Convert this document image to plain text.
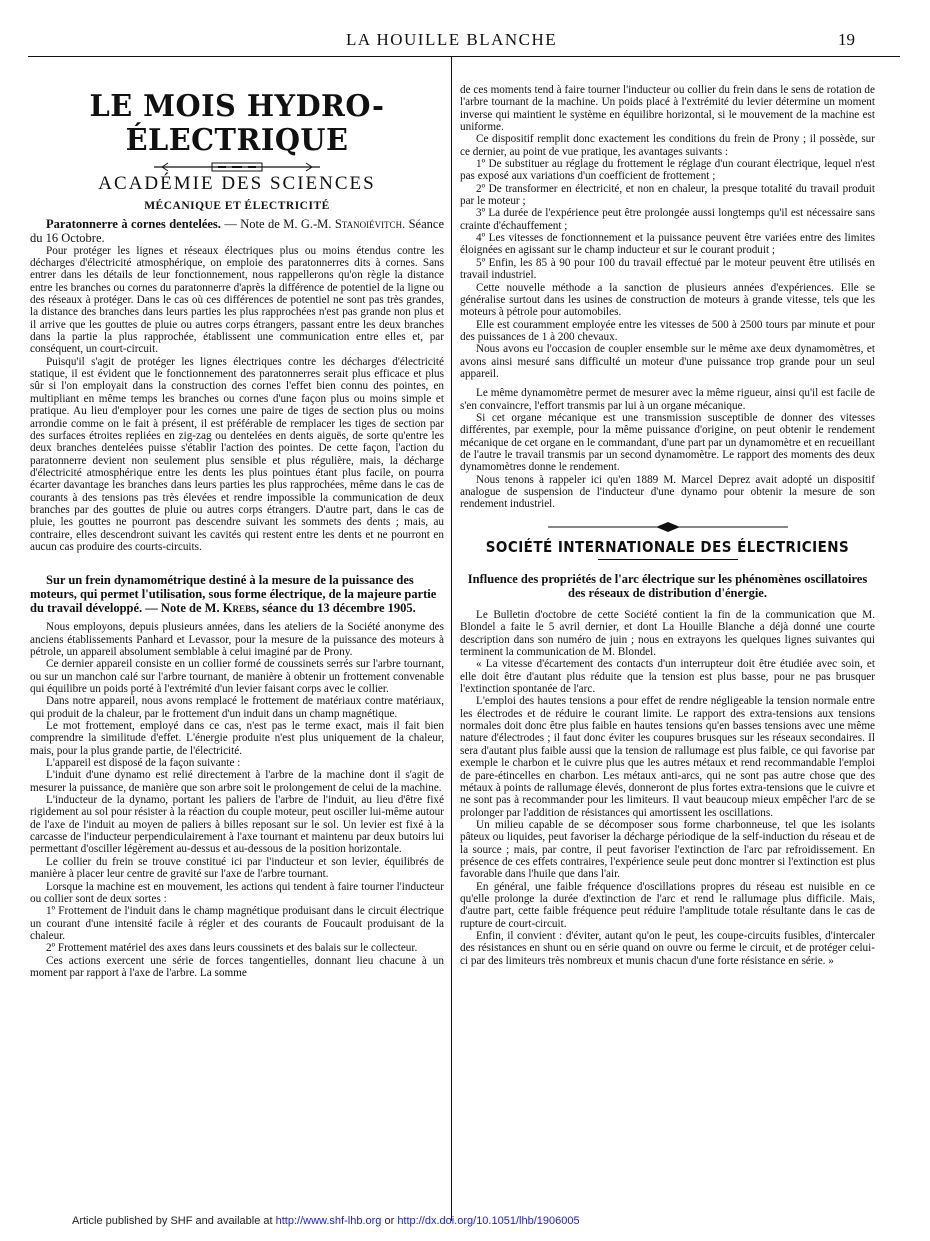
LA HOUILLE BLANCHE	19
LE MOIS HYDRO-ÉLECTRIQUE
ACADÉMIE DES SCIENCES
MÉCANIQUE ET ÉLECTRICITÉ

Paratonnerre à cornes dentelées. — Note de M. G.-M. Stanoiévitch. Séance du 16 Octobre.

Pour protéger les lignes et réseaux électriques plus ou moins étendus contre les décharges d'électricité atmosphérique, on emploie des paratonnerres dits à cornes. Sans entrer dans les détails de leur fonctionnement, nous rappellerons qu'on règle la distance entre les branches ou cornes du paratonnerre d'après la différence de potentiel de la ligne ou des réseaux à protéger. Dans le cas où ces différences de potentiel ne sont pas très grandes, la distance des branches dans leurs parties les plus rapprochées n'est pas grande non plus et il arrive que les gouttes de pluie ou autres corps étrangers, passant entre les deux branches dans la partie la plus rapprochée, établissent une communication entre elles et, par conséquent, un court-circuit.

Puisqu'il s'agit de protéger les lignes électriques contre les décharges d'électricité statique, il est évident que le fonctionnement des paratonnerres serait plus efficace et plus sûr si l'on employait dans la construction des cornes l'effet bien connu des pointes, en multipliant en même temps les branches ou cornes d'une façon plus ou moins simple et pratique. Au lieu d'employer pour les cornes une paire de tiges de section plus ou moins arrondie comme on le fait à présent, il est préférable de remplacer les tiges de section par des surfaces étroites repliées en zig-zag ou dentelées en dents aiguës, de sorte qu'entre les deux branches dentelées puisse s'établir l'action des pointes. De cette façon, l'action du paratonnerre devient non seulement plus sensible et plus régulière, mais, la décharge d'électricité atmosphérique entre les dents les plus pointues étant plus facile, on pourra écarter davantage les branches dans leurs parties les plus rapprochées, même dans le cas de courants à des tensions pas très élevées et rendre impossible la communication de deux branches par des gouttes de pluie ou autres corps étrangers. D'autre part, dans le cas de pluie, les gouttes ne pourront pas descendre suivant les sommets des dents ; mais, au contraire, elles descendront suivant les cavités qui restent entre les dents et ne pourront en aucun cas produire des courts-circuits.

Sur un frein dynamométrique destiné à la mesure de la puissance des moteurs, qui permet l'utilisation, sous forme électrique, de la majeure partie du travail développé. — Note de M. Krebs, séance du 13 décembre 1905.

Nous employons, depuis plusieurs années, dans les ateliers de la Société anonyme des anciens établissements Panhard et Levassor, pour la mesure de la puissance des moteurs à pétrole, un appareil absolument semblable à celui imaginé par de Prony.

Ce dernier appareil consiste en un collier formé de coussinets serrés sur l'arbre tournant, ou sur un manchon calé sur l'arbre tournant, de manière à obtenir un frottement convenable qui équilibre un poids porté à l'extrémité d'un levier faisant corps avec le collier.

Dans notre appareil, nous avons remplacé le frottement de matériaux contre matériaux, qui produit de la chaleur, par le frottement d'un induit dans un champ magnétique.

Le mot frottement, employé dans ce cas, n'est pas le terme exact, mais il fait bien comprendre la similitude d'effet. L'énergie produite n'est plus uniquement de la chaleur, mais, pour la plus grande partie, de l'électricité.

L'appareil est disposé de la façon suivante :

L'induit d'une dynamo est relié directement à l'arbre de la machine dont il s'agit de mesurer la puissance, de manière que son arbre soit le prolongement de celui de la machine.

L'inducteur de la dynamo, portant les paliers de l'arbre de l'induit, au lieu d'être fixé rigidement au sol pour résister à la réaction du couple moteur, peut osciller lui-même autour de l'axe de l'induit au moyen de paliers à billes reposant sur le sol. Un levier est fixé à la carcasse de l'inducteur perpendiculairement à l'axe tournant et maintenu par deux butoirs lui permettant d'osciller légèrement au-dessus et au-dessous de la position horizontale.

Le collier du frein se trouve constitué ici par l'inducteur et son levier, équilibrés de manière à placer leur centre de gravité sur l'axe de l'arbre tournant.

Lorsque la machine est en mouvement, les actions qui tendent à faire tourner l'inducteur ou collier sont de deux sortes :

1º Frottement de l'induit dans le champ magnétique produisant dans le circuit électrique un courant d'une intensité facile à régler et des courants de Foucault produisant de la chaleur.

2º Frottement matériel des axes dans leurs coussinets et des balais sur le collecteur.

Ces actions exercent une série de forces tangentielles, donnant lieu chacune à un moment par rapport à l'axe de l'arbre. La somme

de ces moments tend à faire tourner l'inducteur ou collier du frein dans le sens de rotation de l'arbre tournant de la machine. Un poids placé à l'extrémité du levier détermine un moment inverse qui maintient le système en équilibre horizontal, si le mouvement de la machine est uniforme.

Ce dispositif remplit donc exactement les conditions du frein de Prony ; il possède, sur ce dernier, au point de vue pratique, les avantages suivants :

1º De substituer au réglage du frottement le réglage d'un courant électrique, lequel n'est pas exposé aux variations d'un coefficient de frottement ;

2º De transformer en électricité, et non en chaleur, la presque totalité du travail produit par le moteur ;

3º La durée de l'expérience peut être prolongée aussi longtemps qu'il est nécessaire sans crainte d'échauffement ;

4º Les vitesses de fonctionnement et la puissance peuvent être variées entre des limites éloignées en agissant sur le champ inducteur et sur le courant produit ;

5º Enfin, les 85 à 90 pour 100 du travail effectué par le moteur peuvent être utilisés en travail industriel.

Cette nouvelle méthode a la sanction de plusieurs années d'expériences. Elle se généralise surtout dans les usines de construction de moteurs à grande vitesse, tels que les moteurs à pétrole pour automobiles.

Elle est couramment employée entre les vitesses de 500 à 2500 tours par minute et pour des puissances de 1 à 200 chevaux.

Nous avons eu l'occasion de coupler ensemble sur le même axe deux dynamomètres, et avons ainsi mesuré sans difficulté un moteur d'une puissance trop grande pour un seul appareil.

Le même dynamomètre permet de mesurer avec la même rigueur, ainsi qu'il est facile de s'en convaincre, l'effort transmis par lui à un organe mécanique.

Si cet organe mécanique est une transmission susceptible de donner des vitesses différentes, par exemple, pour la même puissance d'origine, on peut obtenir le rendement mécanique de cet organe en le commandant, d'une part par un dynamomètre et en recueillant de l'autre le travail transmis par un second dynamomètre. Le rapport des moments des deux dynamomètres donne le rendement.

Nous tenons à rappeler ici qu'en 1889 M. Marcel Deprez avait adopté un dispositif analogue de suspension de l'inducteur d'une dynamo pour obtenir la mesure de son rendement industriel.

SOCIÉTÉ INTERNATIONALE DES ÉLECTRICIENS
Influence des propriétés de l'arc électrique sur les phénomènes oscillatoires des réseaux de distribution d'énergie.

Le Bulletin d'octobre de cette Société contient la fin de la communication que M. Blondel a faite le 5 avril dernier, et dont La Houille Blanche a déjà donné une courte description dans son numéro de juin ; nous en extrayons les quelques lignes suivantes qui terminent la communication de M. Blondel.

« La vitesse d'écartement des contacts d'un interrupteur doit être étudiée avec soin, et elle doit être d'autant plus réduite que la tension est plus basse, pour ne pas brusquer l'extinction spontanée de l'arc.

L'emploi des hautes tensions a pour effet de rendre négligeable la tension normale entre les électrodes et de réduire le courant limite. Le rapport des extra-tensions aux tensions normales doit donc être plus faible en hautes tensions qu'en basses tensions avec une même nature d'électrodes ; il faut donc éviter les coupures brusques sur les réseaux secondaires. Il sera d'autant plus faible aussi que la tension de rallumage est plus faible, ce qui favorise par exemple le charbon et le cuivre plus que les autres métaux et rend recommandable l'emploi de pare-étincelles en charbon. Les métaux anti-arcs, qui ne sont pas autre chose que des métaux à points de rallumage élevés, donneront de plus fortes extra-tensions que le cuivre et ne sont pas à recommander pour les limiteurs. Il vaut beaucoup mieux empêcher l'arc de se prolonger par l'addition de résistances qui amortissent les oscillations.

Un milieu capable de se décomposer sous forme charbonneuse, tel que les isolants pâteux ou liquides, peut favoriser la décharge périodique de la self-induction du réseau et de la source ; mais, par contre, il peut favoriser l'extinction de l'arc par refroidissement. En présence de ces effets contraires, l'expérience seule peut donc montrer si l'extinction est plus favorable dans l'huile que dans l'air.

En général, une faible fréquence d'oscillations propres du réseau est nuisible en ce qu'elle prolonge la durée d'extinction de l'arc et rend le rallumage plus difficile. Mais, d'autre part, cette faible fréquence peut réduire l'amplitude totale résultante dans le cas de rupture de court-circuit.

Enfin, il convient : d'éviter, autant qu'on le peut, les coupe-circuits fusibles, d'intercaler des résistances en shunt ou en série quand on ouvre ou ferme le circuit, et de protéger celui-ci par des limiteurs très nombreux et munis chacun d'une forte résistance en série. »

Article published by SHF and available at http://www.shf-lhb.org or http://dx.doi.org/10.1051/lhb/1906005
